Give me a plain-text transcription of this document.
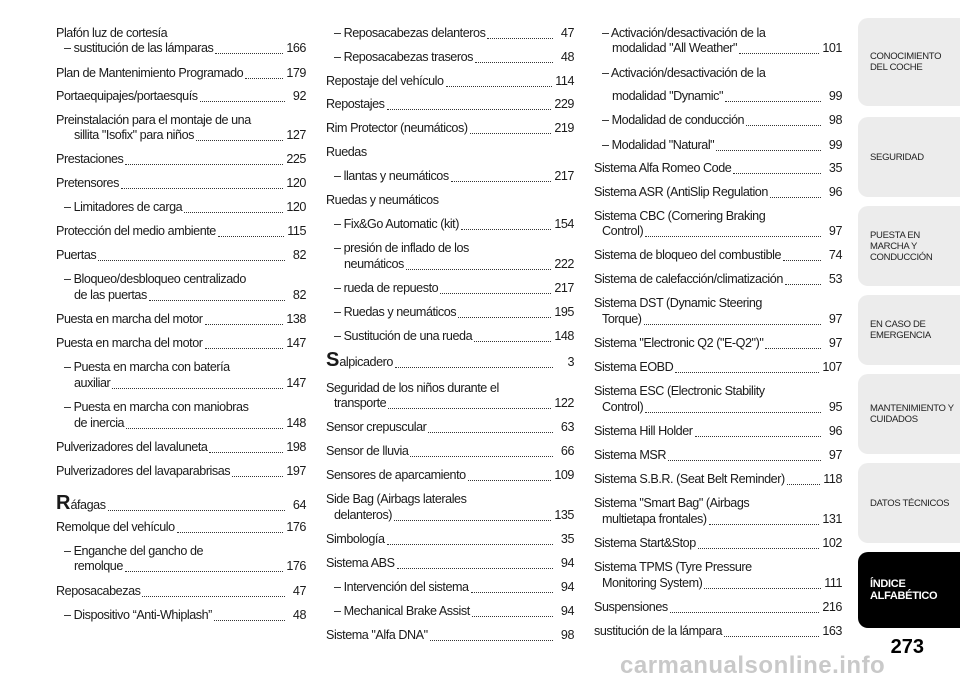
Plafón luz de cortesía
– sustitución de las lámparas	166
Plan de Mantenimiento Programado	179
Portaequipajes/portaesquís	92
Preinstalación para el montaje de una
sillita "Isofix" para niños	127
Prestaciones	225
Pretensores	120
– Limitadores de carga	120
Protección del medio ambiente	115
Puertas	82
– Bloqueo/desbloqueo centralizado
de las puertas	82
Puesta en marcha del motor	138
Puesta en marcha del motor	147
– Puesta en marcha con batería
auxiliar	147
– Puesta en marcha con maniobras
de inercia	148
Pulverizadores del lavaluneta	198
Pulverizadores del lavaparabrisas	197
Ráfagas	64
Remolque del vehículo	176
– Enganche del gancho de
remolque	176
Reposacabezas	47
– Dispositivo “Anti-Whiplash”	48
– Reposacabezas delanteros	47
– Reposacabezas traseros	48
Repostaje del vehículo	114
Repostajes	229
Rim Protector (neumáticos)	219
Ruedas
– llantas y neumáticos	217
Ruedas y neumáticos
– Fix&Go Automatic (kit)	154
– presión de inflado de los
neumáticos	222
– rueda de repuesto	217
– Ruedas y neumáticos	195
– Sustitución de una rueda	148
Salpicadero	3
Seguridad de los niños durante el
transporte	122
Sensor crepuscular	63
Sensor de lluvia	66
Sensores de aparcamiento	109
Side Bag (Airbags laterales
delanteros)	135
Simbología	35
Sistema ABS	94
– Intervención del sistema	94
– Mechanical Brake Assist	94
Sistema "Alfa DNA"	98
– Activación/desactivación de la
modalidad "All Weather"	101
– Activación/desactivación de la
modalidad "Dynamic"	99
– Modalidad de conducción	98
– Modalidad "Natural"	99
Sistema Alfa Romeo Code	35
Sistema ASR (AntiSlip Regulation	96
Sistema CBC (Cornering Braking
Control)	97
Sistema de bloqueo del combustible	74
Sistema de calefacción/climatización	53
Sistema DST (Dynamic Steering
Torque)	97
Sistema "Electronic Q2 ("E-Q2")"	97
Sistema EOBD	107
Sistema ESC (Electronic Stability
Control)	95
Sistema Hill Holder	96
Sistema MSR	97
Sistema S.B.R. (Seat Belt Reminder)	118
Sistema "Smart Bag" (Airbags
multietapa frontales)	131
Sistema Start&Stop	102
Sistema TPMS (Tyre Pressure
Monitoring System)	111
Suspensiones	216
sustitución de la lámpara	163
CONOCIMIENTO
DEL COCHE
SEGURIDAD
PUESTA EN
MARCHA Y
CONDUCCIÓN
EN CASO DE
EMERGENCIA
MANTENIMIENTO Y
CUIDADOS
DATOS TÉCNICOS
ÍNDICE
ALFABÉTICO
273
carmanualsonline.info
